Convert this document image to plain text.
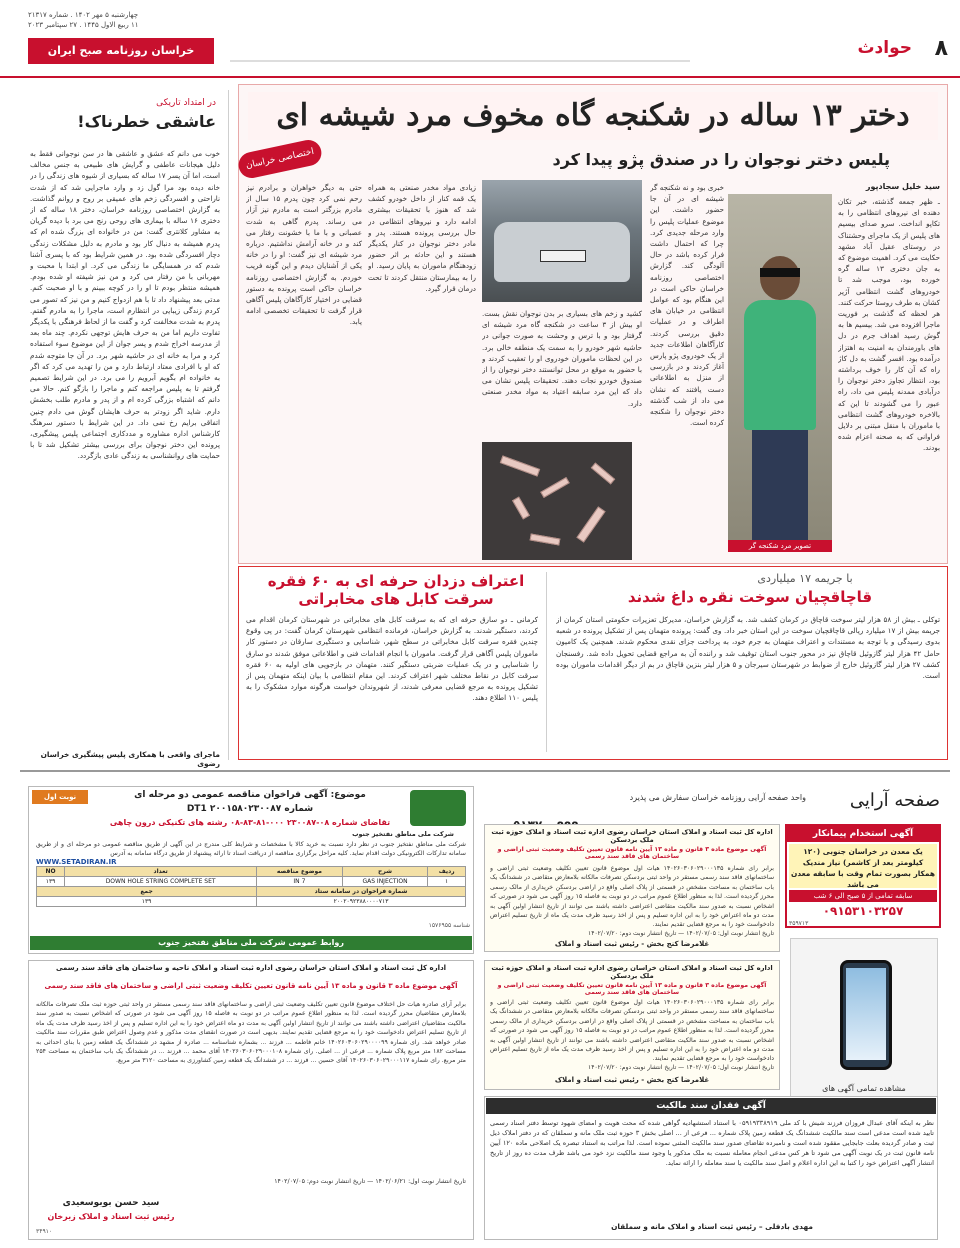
۸
حوادث
خراسان روزنامه صبح ایران
چهارشنبه ۵ مهر ۱۴۰۲ . شماره ۲۱۳۱۷
۱۱ ربیع الاول ۱۴۴۵ . ۲۷ سپتامبر ۲۰۲۳
دختر ۱۳ ساله در شکنجه گاه مخوف مرد شیشه ای
پلیس دختر نوجوان را در صندق پژو پیدا کرد
اختصاصی خراسان
سید خلیل سجادپور
ـ ظهر جمعه گذشته، خبر تکان دهنده ای نیروهای انتظامی را به تکاپو انداخت. سرو صدای بیسیم های پلیس از یک ماجرای وحشتناک در روستای عقیل آباد مشهد حکایت می کرد. اهمیت موضوع که به جان دختری ۱۳ ساله گره خورده بود، موجب شد تا خودروهای گشت انتظامی آژیر کشان به طرف روستا حرکت کنند. هر لحظه که گذشت بر فوریت ماجرا افزوده می شد. بیسیم ها به گوش رسید اهداف جرم در دل های باورمندان به امنیت به اهتزاز درآمده بود. افسر گشت به دل کاژ راه که آن کار را خوف برداشته بود، انتظار تجاوز دختر نوجوان را درآبادی ممدنه پلیس می داد، راه عبور را می گشودند تا این که بالاخره خودروهای گشت انتظامی با ماموران با منقل مبتنی بر دلایل فراوانی که به صحنه اعزام شده بودند.
خبری بود و نه شکنجه گر شیشه ای در آن جا حضور داشت. این موضوع عملیات پلیس را وارد مرحله جدیدی کرد. چرا که احتمال داشت فرار کرده باشد در حال آلودگی کند. گزارش اختصاصی روزنامه خراسان حاکی است در این هنگام بود که عوامل انتظامی در خیابان های اطراف و در عملیات دقیق بررسی کردند. کارآگاهان اطلاعات جدید از یک خودروی پژو پارس آغاز کردند و در بازرسی از منزل به اطلاعاتی دست یافتند که نشان می داد از شب گذشته دختر نوجوان را شکنجه کرده است.
کشید و زخم های بسیاری بر بدن نوجوان نقش بست. او بیش از ۳ ساعت در شکنجه گاه مرد شیشه ای گرفتار بود و با ترس و وحشت به صورت جوانی در حاشیه شهر خودرو را به سمت یک منطقه خالی برد. در این لحظات ماموران خودروی او را تعقیب کردند و با حضور به موقع در محل توانستند دختر نوجوان را از صندوق خودرو نجات دهند. تحقیقات پلیس نشان می داد که این مرد سابقه اعتیاد به مواد مخدر صنعتی دارد.
زیادی مواد مخدر صنعتی به همراه یک قمه کنار از داخل خودرو کشف شد که هنوز با تحقیقات بیشتری ادامه دارد و نیروهای انتظامی در حال بررسی پرونده هستند. پدر و مادر دختر نوجوان در کنار یکدیگر هستند و این حادثه بر اثر حضور زودهنگام ماموران به پایان رسید. او را به بیمارستان منتقل کردند تا تحت درمان قرار گیرد.
حتی به دیگر خواهران و برادرم نیز رحم نمی کرد چون پدرم ۱۵ سال از مادرم بزرگتر است به مادرم نیز آزار می رساند. پدرم گاهی به شدت عصبانی و با ما با خشونت رفتار می کند و در خانه آرامش نداشتیم. درباره مرد شیشه ای نیز گفت: او را در خانه یکی از آشنایان دیدم و این گونه فریب خوردم. به گزارش اختصاصی روزنامه خراسان حاکی است پرونده به دستور قضایی در اختیار کارآگاهان پلیس آگاهی قرار گرفت تا تحقیقات تخصصی ادامه یابد.
تصویر مرد شکنجه گر
در امتداد تاریکی
عاشقی خطرناک!
خوب می دانم که عشق و عاشقی ها در سن نوجوانی فقط به دلیل هیجانات عاطفی و گرایش های طبیعی به جنس مخالف است، اما آن پسر ۱۷ ساله که بسیاری از شیوه های زندگی را در خانه دیده بود مرا گول زد و وارد ماجرایی شد که از شدت ناراحتی و افسردگی زخم های عمیقی بر روح و روانم گذاشت. به گزارش اختصاصی روزنامه خراسان، دختر ۱۸ ساله که از دختری ۱۶ ساله با بیماری های روحی رنج می برد با دیده گریان به مشاور کلانتری گفت: من در خانواده ای بزرگ شده ام که پدرم همیشه به دنبال کار بود و مادرم به دلیل مشکلات زندگی دچار افسردگی شده بود. در همین شرایط بود که با پسری آشنا شدم که در همسایگی ما زندگی می کرد. او ابتدا با محبت و مهربانی با من رفتار می کرد و من نیز شیفته او شده بودم. همیشه منتظر بودم تا او را در کوچه ببینم و با او صحبت کنم. مدتی بعد پیشنهاد داد تا با هم ازدواج کنیم و من نیز که تصور می کردم زندگی زیبایی در انتظارم است، ماجرا را به مادرم گفتم. پدرم به شدت مخالفت کرد و گفت ما از لحاظ فرهنگی با یکدیگر تفاوت داریم اما من به حرف هایش توجهی نکردم. چند ماه بعد از مدرسه اخراج شدم و پسر جوان از این موضوع سوء استفاده کرد و مرا به خانه ای در حاشیه شهر برد. در آن جا متوجه شدم که او با افرادی معتاد ارتباط دارد و من را تهدید می کرد که اگر به خانواده ام بگویم آبرویم را می برد. در این شرایط تصمیم گرفتم تا به پلیس مراجعه کنم و ماجرا را بازگو کنم. حالا می دانم که اشتباه بزرگی کرده ام و از پدر و مادرم طلب بخشش دارم. شاید اگر زودتر به حرف هایشان گوش می دادم چنین اتفاقی برایم رخ نمی داد. در این شرایط با دستور سرهنگ کارشناس اداره مشاوره و مددکاری اجتماعی پلیس پیشگیری، پرونده این دختر نوجوان برای بررسی بیشتر تشکیل شد تا با حمایت های روانشناسی به زندگی عادی بازگردد.
ماجرای واقعی با همکاری پلیس پیشگیری خراسان رضوی
با جریمه ۱۷ میلیاردی
قاچاقچیان سوخت نقره داغ شدند
توکلی ـ بیش از ۵۸ هزار لیتر سوخت قاچاق در کرمان کشف شد. به گزارش خراسان، مدیرکل تعزیرات حکومتی استان کرمان از جریمه بیش از ۱۷ میلیارد ریالی قاچاقچیان سوخت در این استان خبر داد. وی گفت: پرونده متهمان پس از تشکیل پرونده در شعبه بدوی رسیدگی و با توجه به مستندات و اعتراف متهمان به جرم خود، به پرداخت جزای نقدی محکوم شدند. همچنین یک کامیون حامل ۴۲ هزار لیتر گازوئیل قاچاق نیز در محور جنوب استان توقیف شد و راننده آن به مراجع قضایی تحویل داده شد. رفسنجان کشف ۲۷ هزار لیتر گازوئیل خارج از ضوابط در شهرستان سیرجان و ۵ هزار لیتر بنزین قاچاق در بم از دیگر اقدامات ماموران بوده است.
اعتراف دزدان حرفه ای به ۶۰ فقره سرقت کابل های مخابراتی
کرمانی ـ دو سارق حرفه ای که به سرقت کابل های مخابراتی در شهرستان کرمان اقدام می کردند، دستگیر شدند. به گزارش خراسان، فرمانده انتظامی شهرستان کرمان گفت: در پی وقوع چندین فقره سرقت کابل مخابراتی در سطح شهر، شناسایی و دستگیری سارقان در دستور کار ماموران پلیس آگاهی قرار گرفت. ماموران با انجام اقدامات فنی و اطلاعاتی موفق شدند دو سارق را شناسایی و در یک عملیات ضربتی دستگیر کنند. متهمان در بازجویی های اولیه به ۶۰ فقره سرقت کابل در نقاط مختلف شهر اعتراف کردند. این مقام انتظامی با بیان اینکه متهمان پس از تشکیل پرونده به مرجع قضایی معرفی شدند، از شهروندان خواست هرگونه موارد مشکوک را به پلیس ۱۱۰ اطلاع دهند.
صفحه آرایی
واحد صفحه آرایی روزنامه خراسان سفارش می پذیرد
آگهی استخدام پیمانکار
یک معدن در خراسان جنوبی (۱۲۰ کیلومتر بعد از کاشمر) نیاز مندیک همکار بصورت تمام وقت با سابقه معدن می باشد
سابقه تمامی از ۵ صبح الی ۶ شب
۰۹۱۵۳۱۰۳۲۵۷
۳۵۹۷۱۳
موضوع: آگهی فراخوان مناقصه عمومی دو مرحله ای
شماره ۲۰۰۱۵۸۰۲۳۰۰۸۷ DT1
تقاضای شماره ۰۸-۲۳۰۰۸۷ ۰۰۰-۸۱-۸۳-۰۸ رشته های تکنیکی درون چاهی
نوبت اول
شرکت ملی مناطق نفتخیز جنوب
شرکت ملی مناطق نفتخیز جنوب در نظر دارد نسبت به خرید کالا با مشخصات و شرایط کلی مندرج در این آگهی از طریق مناقصه عمومی دو مرحله ای و از طریق سامانه تدارکات الکترونیکی دولت اقدام نماید. کلیه مراحل برگزاری مناقصه از دریافت اسناد تا ارائه پیشنهاد از طریق درگاه سامانه به آدرس
WWW.SETADIRAN.IR
ردیف	شرح	موضوع مناقصه	تعداد	NO
۱	GAS INJECTION	7 IN	DOWN HOLE STRING COMPLETE SET	۱۳۹
شماره فراخوان در سامانه ستاد			جمع	
۲۰۰۲۰۹۲۳۸۸۰۰۰۰۷۱۳			۱۳۹	
روابط عمومی شرکت ملی مناطق نفتخیز جنوب
شناسه ۱۵۷۶۹۵۵
اداره کل ثبت اسناد و املاک استان خراسان رضوی اداره ثبت اسناد و املاک حوزه ثبت ملک بردسکن
آگهی موضوع ماده ۳ قانون و ماده ۱۳ آیین نامه قانون تعیین تکلیف وضعیت ثبتی اراضی و ساختمان های فاقد سند رسمی
برابر رای شماره ۱۴۰۲۶۰۳۰۶۰۲۹۰۰۰۱۳۵ هیات اول موضوع قانون تعیین تکلیف وضعیت ثبتی اراضی و ساختمانهای فاقد سند رسمی مستقر در واحد ثبتی بردسکن تصرفات مالکانه بلامعارض متقاضی در ششدانگ یک باب ساختمان به مساحت مشخص در قسمتی از پلاک اصلی واقع در اراضی بردسکن خریداری از مالک رسمی محرز گردیده است. لذا به منظور اطلاع عموم مراتب در دو نوبت به فاصله ۱۵ روز آگهی می شود در صورتی که اشخاص نسبت به صدور سند مالکیت متقاضی اعتراضی داشته باشند می توانند از تاریخ انتشار اولین آگهی به مدت دو ماه اعتراض خود را به این اداره تسلیم و پس از اخذ رسید ظرف مدت یک ماه از تاریخ تسلیم اعتراض دادخواست خود را به مرجع قضایی تقدیم نمایند.
تاریخ انتشار نوبت اول: ۱۴۰۲/۰۷/۰۵ — تاریخ انتشار نوبت دوم: ۱۴۰۲/۰۷/۲۰
غلامرضا کنج بخش - رئیس ثبت اسناد و املاک
اداره کل ثبت اسناد و املاک استان خراسان رضوی اداره ثبت اسناد و املاک حوزه ثبت ملک بردسکن
آگهی موضوع ماده ۳ قانون و ماده ۱۳ آیین نامه قانون تعیین تکلیف وضعیت ثبتی اراضی و ساختمان های فاقد سند رسمی
برابر رای شماره ۱۴۰۲۶۰۳۰۶۰۲۹۰۰۰۱۳۵ هیات اول موضوع قانون تعیین تکلیف وضعیت ثبتی اراضی و ساختمانهای فاقد سند رسمی مستقر در واحد ثبتی بردسکن تصرفات مالکانه بلامعارض متقاضی در ششدانگ یک باب ساختمان به مساحت مشخص در قسمتی از پلاک اصلی واقع در اراضی بردسکن خریداری از مالک رسمی محرز گردیده است. لذا به منظور اطلاع عموم مراتب در دو نوبت به فاصله ۱۵ روز آگهی می شود در صورتی که اشخاص نسبت به صدور سند مالکیت متقاضی اعتراضی داشته باشند می توانند از تاریخ انتشار اولین آگهی به مدت دو ماه اعتراض خود را به این اداره تسلیم و پس از اخذ رسید ظرف مدت یک ماه از تاریخ تسلیم اعتراض دادخواست خود را به مرجع قضایی تقدیم نمایند.
تاریخ انتشار نوبت اول: ۱۴۰۲/۰۷/۰۵ — تاریخ انتشار نوبت دوم: ۱۴۰۲/۰۷/۲۰
غلامرضا کنج بخش - رئیس ثبت اسناد و املاک
مشاهده تمامی آگهی های
اداره کل ثبت اسناد و املاک استان خراسان رضوی اداره ثبت اسناد و املاک ناحیه و ساختمان های فاقد سند رسمی
آگهی موضوع ماده ۳ قانون و ماده ۱۳ آیین نامه قانون تعیین تکلیف وضعیت ثبتی اراضی و ساختمان های فاقد سند رسمی
برابر آرای صادره هیات حل اختلاف موضوع قانون تعیین تکلیف وضعیت ثبتی اراضی و ساختمانهای فاقد سند رسمی مستقر در واحد ثبتی حوزه ثبت ملک تصرفات مالکانه بلامعارض متقاضیان محرز گردیده است. لذا به منظور اطلاع عموم مراتب در دو نوبت به فاصله ۱۵ روز آگهی می شود در صورتی که اشخاص نسبت به صدور سند مالکیت متقاضیان اعتراضی داشته باشند می توانند از تاریخ انتشار اولین آگهی به مدت دو ماه اعتراض خود را به این اداره تسلیم و پس از اخذ رسید ظرف مدت یک ماه از تاریخ تسلیم اعتراض دادخواست خود را به مرجع قضایی تقدیم نمایند. بدیهی است در صورت انقضای مدت مذکور و عدم وصول اعتراض طبق مقررات سند مالکیت صادر خواهد شد. رای شماره ۱۴۰۲۶۰۳۰۶۰۲۹۰۰۰۰۹۹ خانم فاطمه ... فرزند ... بشماره شناسنامه ... صادره از مشهد در ششدانگ یک قطعه زمین با بنای احداثی به مساحت ۱۸۲ متر مربع پلاک شماره ... فرعی از ... اصلی. رای شماره ۱۴۰۲۶۰۳۰۶۰۲۹۰۰۰۱۰۸ آقای محمد ... فرزند ... در ششدانگ یک باب ساختمان به مساحت ۲۵۴ متر مربع. رای شماره ۱۴۰۲۶۰۳۰۶۰۲۹۰۰۰۱۱۷ آقای حسین ... فرزند ... در ششدانگ یک قطعه زمین کشاورزی به مساحت ۳۱۲۰ متر مربع.
تاریخ انتشار نوبت اول: ۱۴۰۲/۰۶/۲۱ — تاریخ انتشار نوبت دوم: ۱۴۰۲/۰۷/۰۵
سید حسن بوبوسعیدی
رئیس ثبت اسناد و املاک زبرخان
۳۴۹۱۰
آگهی فقدان سند مالکیت
نظر به اینکه آقای عبدال فروزان فرزند شیش با کد ملی ۰۵۹۱۹۳۳۸۹۱۹ با استناد استشهادیه گواهی شده که محت هویت و امضای شهود توسط دفتر اسناد رسمی تایید شده است مدعی است سند مالکیت ششدانگ یک قطعه زمین پلاک شماره ... فرعی از ... اصلی بخش ۳ حوزه ثبت ملک مانه و سملقان که در دفتر املاک ذیل ثبت و صادر گردیده بعلت جابجایی مفقود شده است و نامبرده تقاضای صدور سند مالکیت المثنی نموده است. لذا مراتب به استناد تبصره یک اصلاحی ماده ۱۲۰ آیین نامه قانون ثبت در یک نوبت آگهی می شود تا هر کس مدعی انجام معامله نسبت به ملک مذکور یا وجود سند مالکیت نزد خود می باشد ظرف مدت ده روز از تاریخ انتشار آگهی اعتراض خود را کتبا به این اداره اعلام و اصل سند مالکیت یا سند معامله را ارائه نماید.
مهدی بادفلی – رئیس ثبت اسناد و املاک مانه و سملقان
